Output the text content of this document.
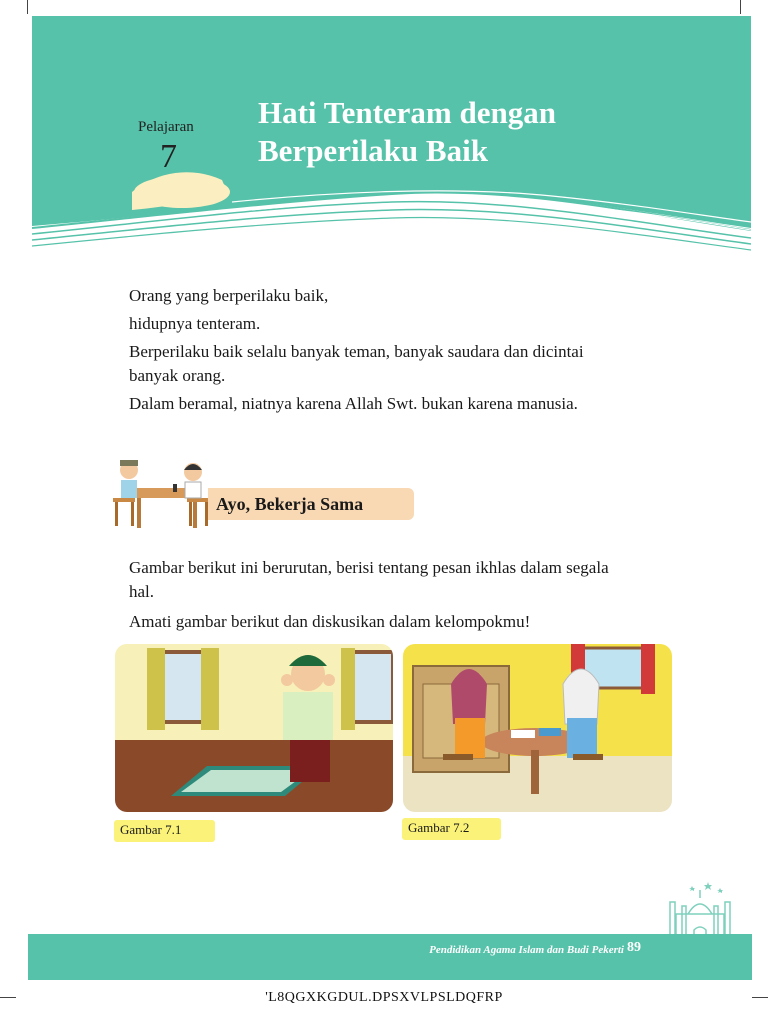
Pelajaran
7
Hati Tenteram dengan
Berperilaku Baik

Orang yang berperilaku baik,

hidupnya tenteram.

Berperilaku baik selalu banyak teman, banyak saudara dan dicintai banyak orang.

Dalam beramal, niatnya karena Allah Swt. bukan karena manusia.

Ayo, Bekerja Sama

Gambar berikut ini berurutan, berisi tentang pesan ikhlas dalam segala hal.

Amati gambar berikut dan diskusikan dalam kelompokmu!

Gambar 7.1	Gambar 7.2
Pendidikan Agama Islam dan Budi Pekerti 89
'L8QGXKGDUL.DPSXVLPSLDQFRP
